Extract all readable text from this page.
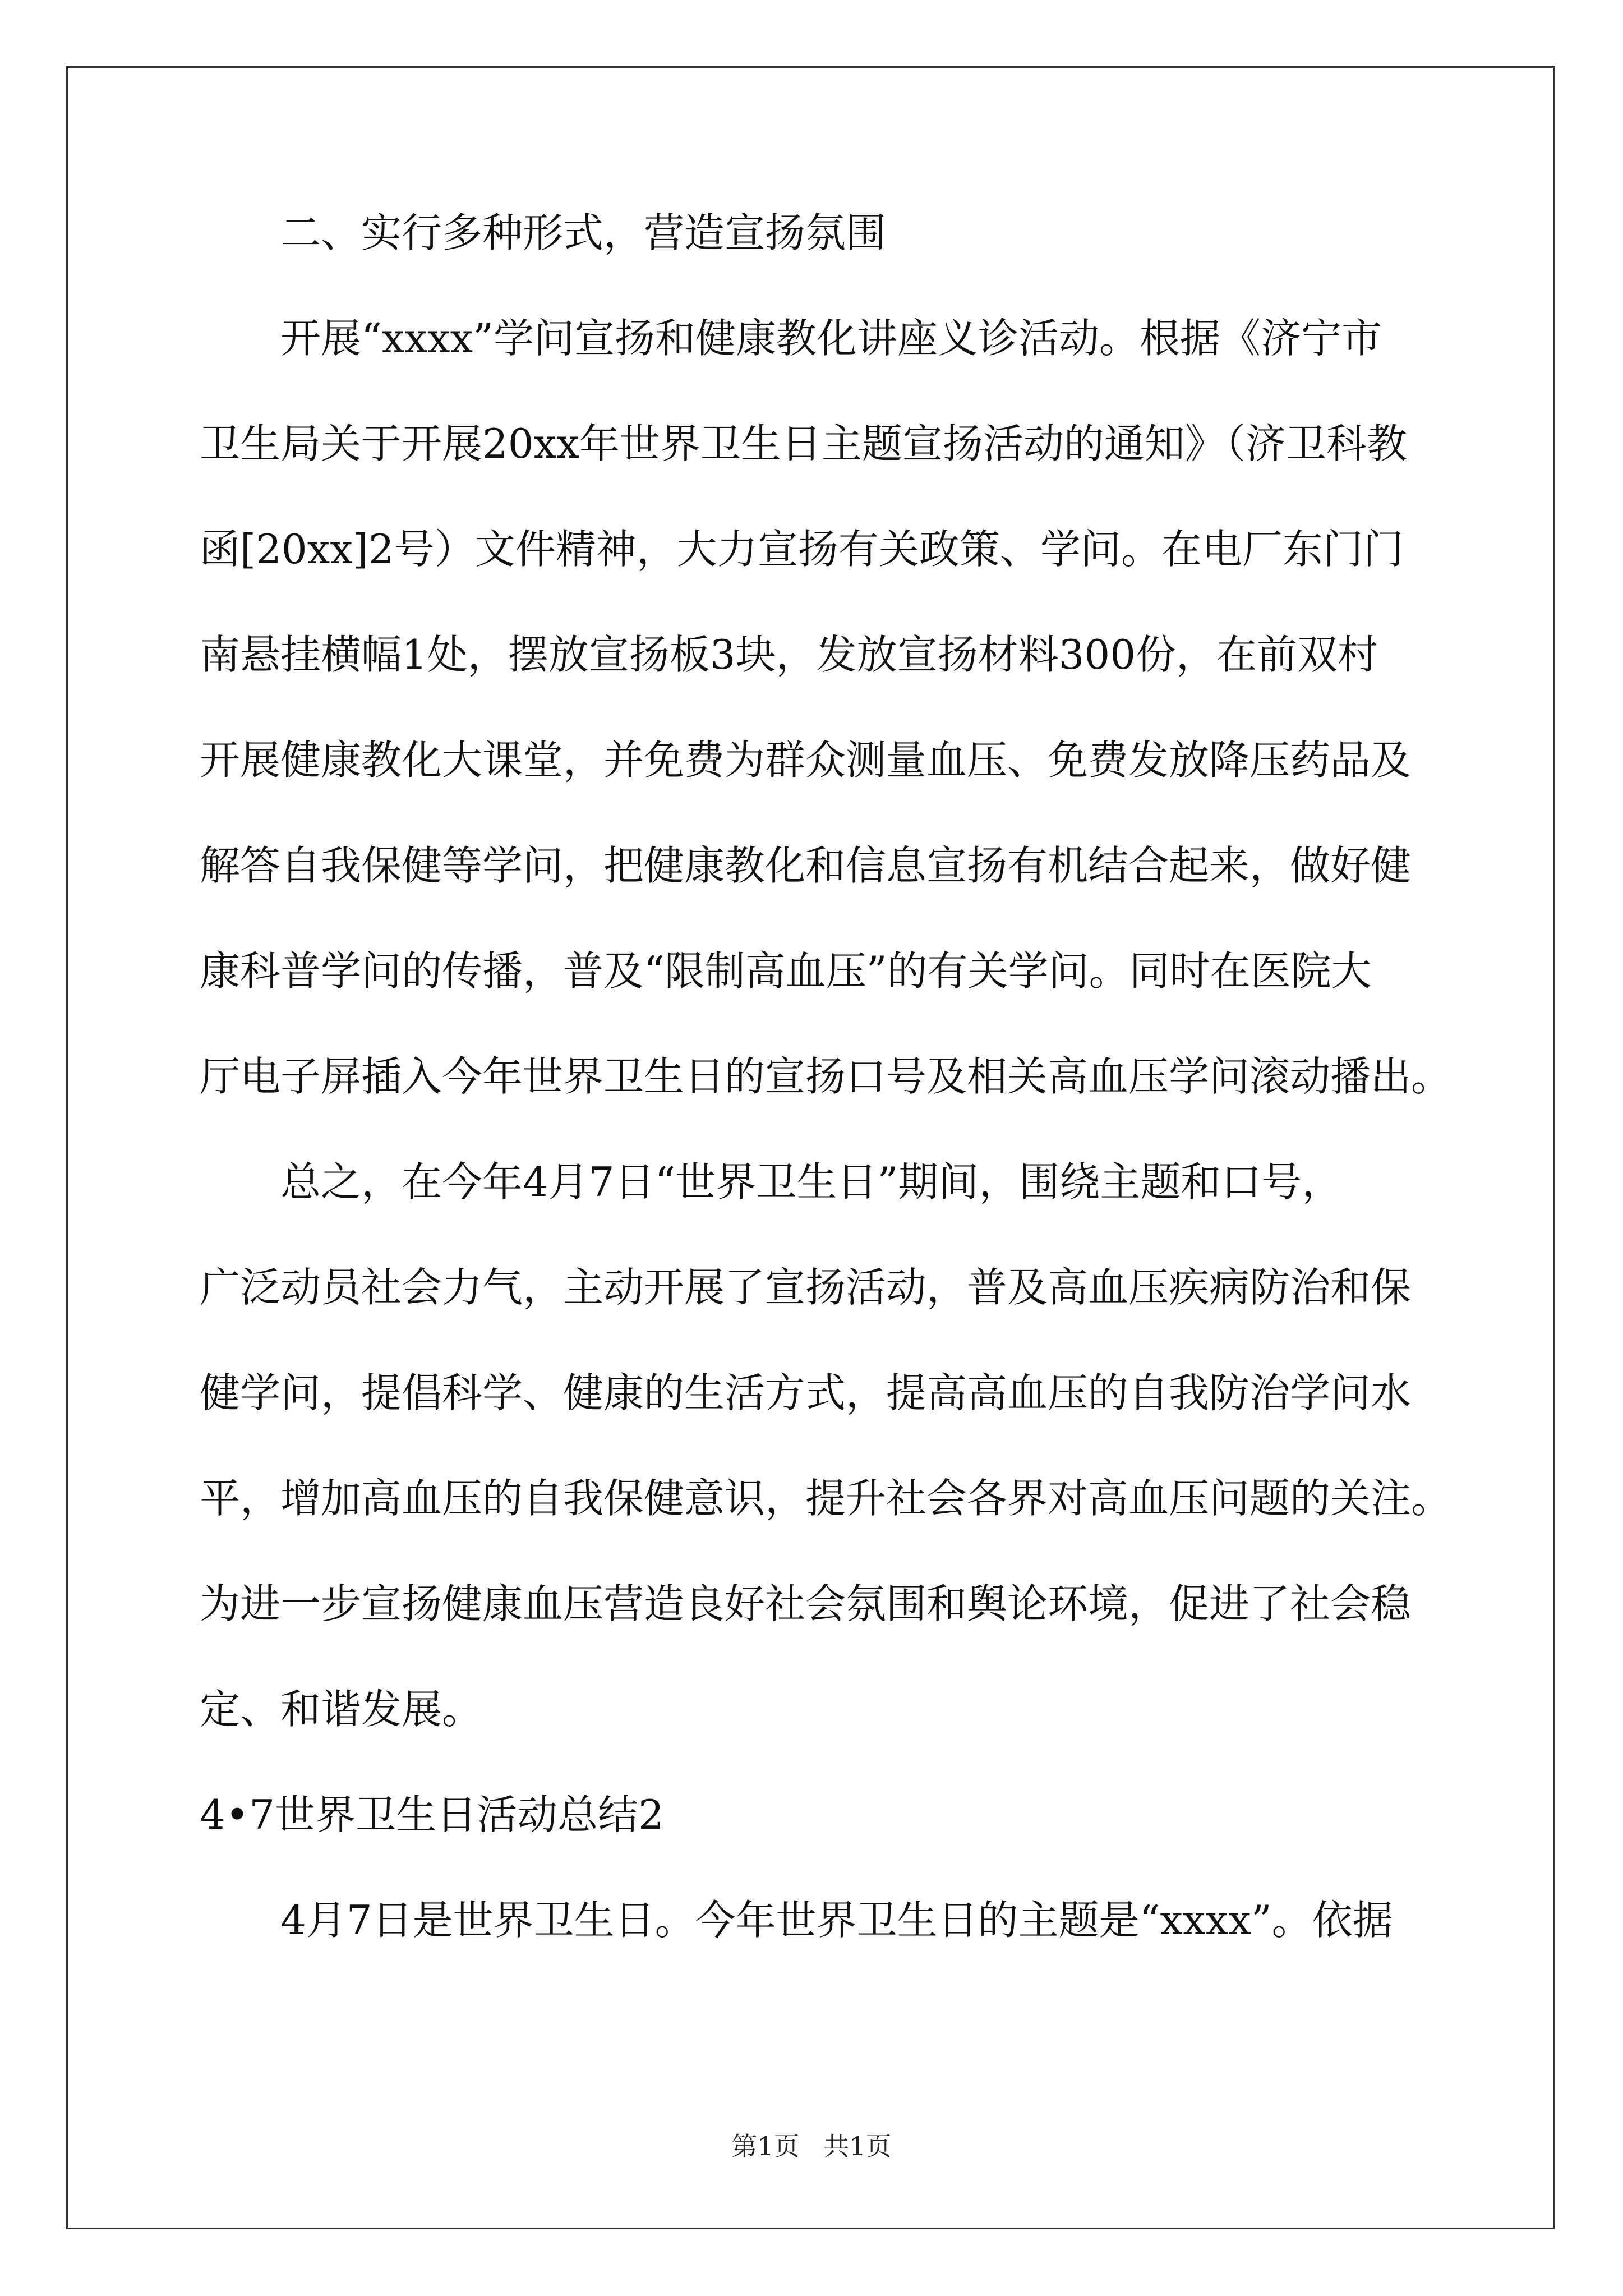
二、实行多种形式，营造宣扬氛围
开展“xxxx”学问宣扬和健康教化讲座义诊活动。根据《济宁市
卫生局关于开展20xx年世界卫生日主题宣扬活动的通知》（济卫科教
函[20xx]2号）文件精神，大力宣扬有关政策、学问。在电厂东门门
南悬挂横幅1处，摆放宣扬板3块，发放宣扬材料300份，在前双村
开展健康教化大课堂，并免费为群众测量血压、免费发放降压药品及
解答自我保健等学问，把健康教化和信息宣扬有机结合起来，做好健
康科普学问的传播，普及“限制高血压”的有关学问。同时在医院大
厅电子屏插入今年世界卫生日的宣扬口号及相关高血压学问滚动播出。
总之，在今年4月7日“世界卫生日”期间，围绕主题和口号，
广泛动员社会力气，主动开展了宣扬活动，普及高血压疾病防治和保
健学问，提倡科学、健康的生活方式，提高高血压的自我防治学问水
平，增加高血压的自我保健意识，提升社会各界对高血压问题的关注。
为进一步宣扬健康血压营造良好社会氛围和舆论环境，促进了社会稳
定、和谐发展。
4•7世界卫生日活动总结2
4月7日是世界卫生日。今年世界卫生日的主题是“xxxx”。依据
第1页 共1页
